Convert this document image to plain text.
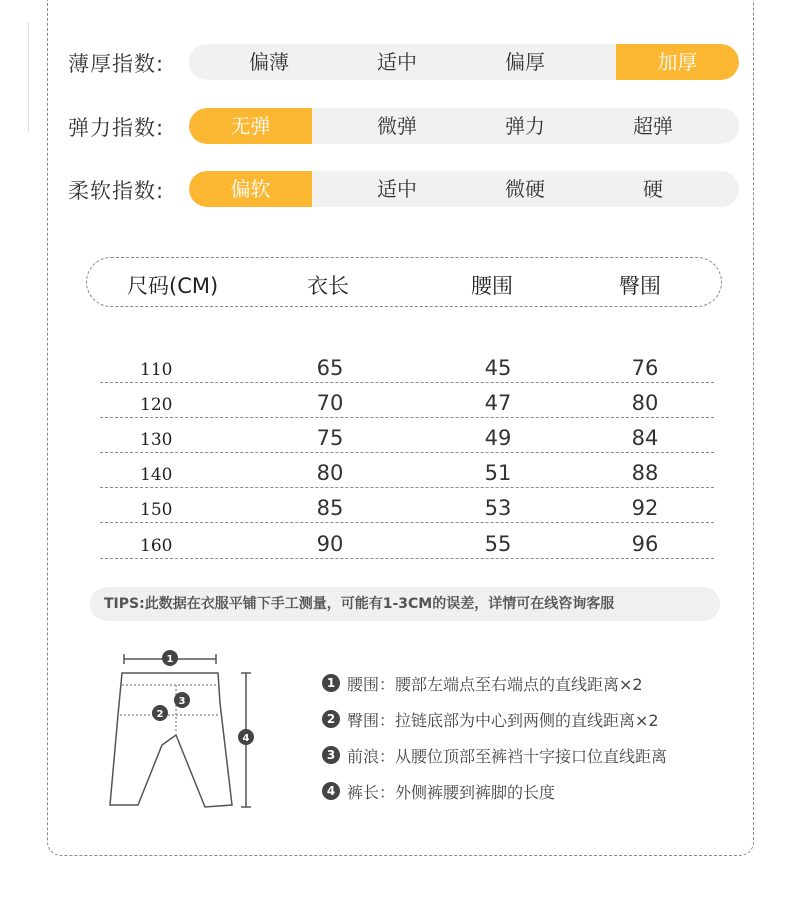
薄厚指数:	偏薄	适中	偏厚	加厚
弹力指数:	无弹	微弹	弹力	超弹
柔软指数:	偏软	适中	微硬	硬
尺码(CM)	衣长	腰围	臀围
110	65	45	76
120	70	47	80
130	75	49	84
140	80	51	88
150	85	53	92
160	90	55	96
TIPS:此数据在衣服平铺下手工测量，可能有1-3CM的误差，详情可在线咨询客服
1
2
3
4
1 腰围：腰部左端点至右端点的直线距离×2
2 臀围：拉链底部为中心到两侧的直线距离×2
3 前浪：从腰位顶部至裤裆十字接口位直线距离
4 裤长：外侧裤腰到裤脚的长度
